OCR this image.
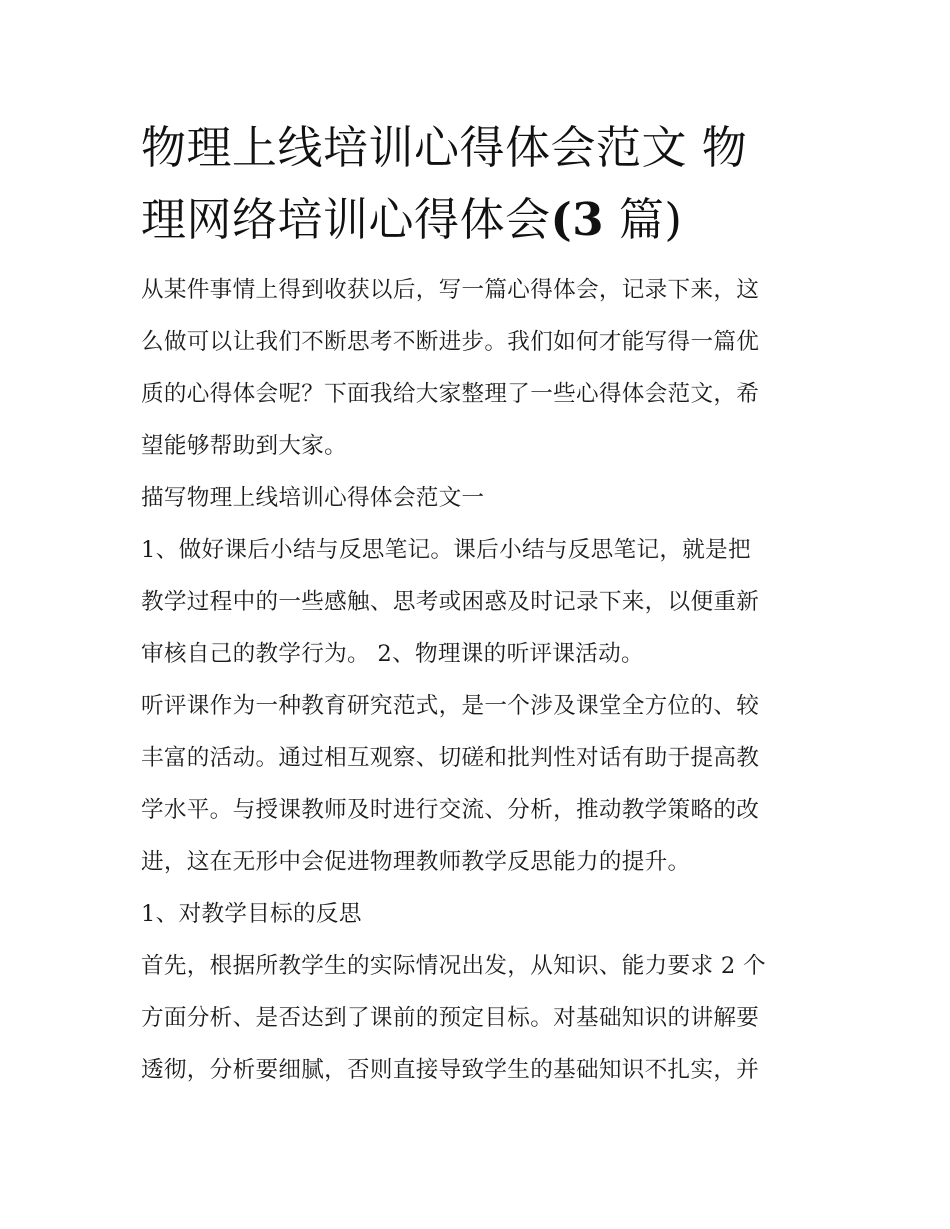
物理上线培训心得体会范文 物
理网络培训心得体会(3 篇)

从某件事情上得到收获以后，写一篇心得体会，记录下来，这
么做可以让我们不断思考不断进步。我们如何才能写得一篇优
质的心得体会呢？下面我给大家整理了一些心得体会范文，希
望能够帮助到大家。

描写物理上线培训心得体会范文一

1、做好课后小结与反思笔记。课后小结与反思笔记，就是把
教学过程中的一些感触、思考或困惑及时记录下来，以便重新
审核自己的教学行为。 2、物理课的听评课活动。

听评课作为一种教育研究范式，是一个涉及课堂全方位的、较
丰富的活动。通过相互观察、切磋和批判性对话有助于提高教
学水平。与授课教师及时进行交流、分析，推动教学策略的改
进，这在无形中会促进物理教师教学反思能力的提升。

1、对教学目标的反思

首先，根据所教学生的实际情况出发，从知识、能力要求 2 个
方面分析、是否达到了课前的预定目标。对基础知识的讲解要
透彻，分析要细腻，否则直接导致学生的基础知识不扎实，并
